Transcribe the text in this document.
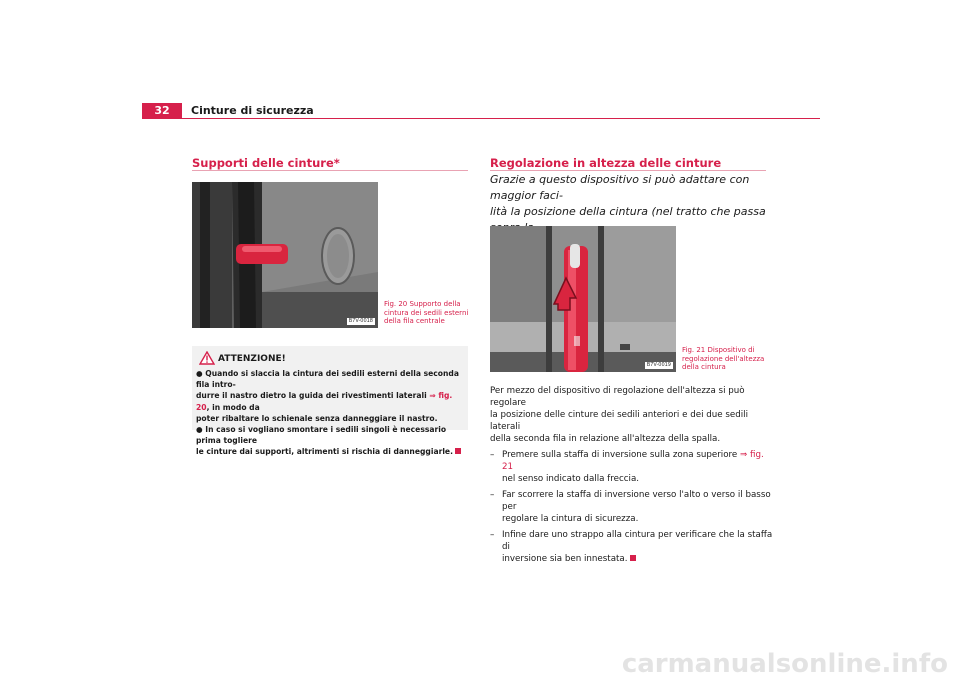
32	Cinture di sicurezza
Supporti delle cinture*
B7V-0018
Fig. 20 Supporto della
cintura dei sedili esterni
della fila centrale
ATTENZIONE!

● Quando si slaccia la cintura dei sedili esterni della seconda fila intro-

durre il nastro dietro la guida dei rivestimenti laterali ⇒ fig. 20, in modo da

poter ribaltare lo schienale senza danneggiare il nastro.

● In caso si vogliano smontare i sedili singoli è necessario prima togliere

le cinture dai supporti, altrimenti si rischia di danneggiarle.

Regolazione in altezza delle cinture
Grazie a questo dispositivo si può adattare con maggior faci-
lità la posizione della cintura (nel tratto che passa
B7V-0019
Fig. 21 Dispositivo di
regolazione dell'altezza
della cintura

Per mezzo del dispositivo di regolazione dell'altezza si può regolare
la posizione delle cinture dei sedili anteriori e dei due sedili laterali
della seconda fila in relazione all'altezza della spalla.

– Premere sulla staffa di inversione sulla zona superiore ⇒ fig. 21
nel senso indicato dalla freccia.
– Far scorrere la staffa di inversione verso l'alto o verso il basso per
regolare la cintura di sicurezza.
– Infine dare uno strappo alla cintura per verificare che la staffa di
inversione sia ben innestata.
carmanualsonline.info
